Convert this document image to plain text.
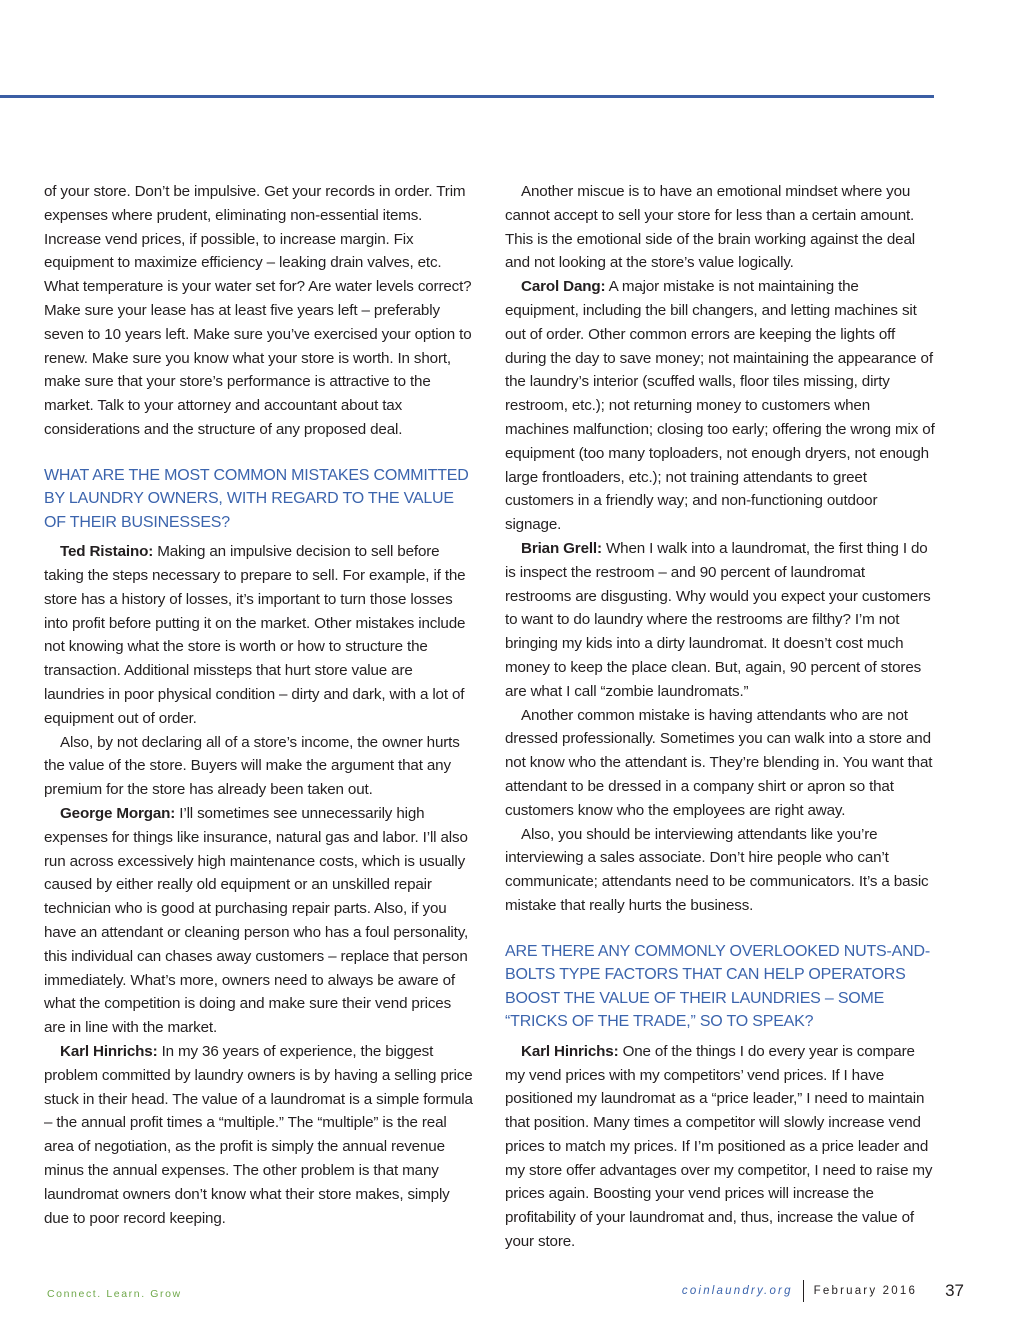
of your store. Don’t be impulsive. Get your records in order. Trim expenses where prudent, eliminating non-essential items. Increase vend prices, if possible, to increase margin. Fix equipment to maximize efficiency – leaking drain valves, etc. What temperature is your water set for? Are water levels correct? Make sure your lease has at least five years left – preferably seven to 10 years left. Make sure you’ve exercised your option to renew. Make sure you know what your store is worth. In short, make sure that your store’s performance is attractive to the market. Talk to your attorney and accountant about tax considerations and the structure of any proposed deal.

WHAT ARE THE MOST COMMON MISTAKES COMMITTED BY LAUNDRY OWNERS, WITH REGARD TO THE VALUE OF THEIR BUSINESSES?

Ted Ristaino: Making an impulsive decision to sell before taking the steps necessary to prepare to sell. For example, if the store has a history of losses, it’s important to turn those losses into profit before putting it on the market. Other mistakes include not knowing what the store is worth or how to structure the transaction. Additional missteps that hurt store value are laundries in poor physical condition – dirty and dark, with a lot of equipment out of order.

Also, by not declaring all of a store’s income, the owner hurts the value of the store. Buyers will make the argument that any premium for the store has already been taken out.

George Morgan: I’ll sometimes see unnecessarily high expenses for things like insurance, natural gas and labor. I’ll also run across excessively high maintenance costs, which is usually caused by either really old equipment or an unskilled repair technician who is good at purchasing repair parts. Also, if you have an attendant or cleaning person who has a foul personality, this individual can chases away customers – replace that person immediately. What’s more, owners need to always be aware of what the competition is doing and make sure their vend prices are in line with the market.

Karl Hinrichs: In my 36 years of experience, the biggest problem committed by laundry owners is by having a selling price stuck in their head. The value of a laundromat is a simple formula – the annual profit times a “multiple.” The “multiple” is the real area of negotiation, as the profit is simply the annual revenue minus the annual expenses. The other problem is that many laundromat owners don’t know what their store makes, simply due to poor record keeping.

Another miscue is to have an emotional mindset where you cannot accept to sell your store for less than a certain amount. This is the emotional side of the brain working against the deal and not looking at the store’s value logically.

Carol Dang: A major mistake is not maintaining the equipment, including the bill changers, and letting machines sit out of order. Other common errors are keeping the lights off during the day to save money; not maintaining the appearance of the laundry’s interior (scuffed walls, floor tiles missing, dirty restroom, etc.); not returning money to customers when machines malfunction; closing too early; offering the wrong mix of equipment (too many toploaders, not enough dryers, not enough large frontloaders, etc.); not training attendants to greet customers in a friendly way; and non-functioning outdoor signage.

Brian Grell: When I walk into a laundromat, the first thing I do is inspect the restroom – and 90 percent of laundromat restrooms are disgusting. Why would you expect your customers to want to do laundry where the restrooms are filthy? I’m not bringing my kids into a dirty laundromat. It doesn’t cost much money to keep the place clean. But, again, 90 percent of stores are what I call “zombie laundromats.”

Another common mistake is having attendants who are not dressed professionally. Sometimes you can walk into a store and not know who the attendant is. They’re blending in. You want that attendant to be dressed in a company shirt or apron so that customers know who the employees are right away.

Also, you should be interviewing attendants like you’re interviewing a sales associate. Don’t hire people who can’t communicate; attendants need to be communicators. It’s a basic mistake that really hurts the business.

ARE THERE ANY COMMONLY OVERLOOKED NUTS-AND-BOLTS TYPE FACTORS THAT CAN HELP OPERATORS BOOST THE VALUE OF THEIR LAUNDRIES – SOME “TRICKS OF THE TRADE,” SO TO SPEAK?

Karl Hinrichs: One of the things I do every year is compare my vend prices with my competitors’ vend prices. If I have positioned my laundromat as a “price leader,” I need to maintain that position. Many times a competitor will slowly increase vend prices to match my prices. If I’m positioned as a price leader and my store offer advantages over my competitor, I need to raise my prices again. Boosting your vend prices will increase the profitability of your laundromat and, thus, increase the value of your store.

Connect. Learn. Grow	coinlaundry.org February 2016 37
